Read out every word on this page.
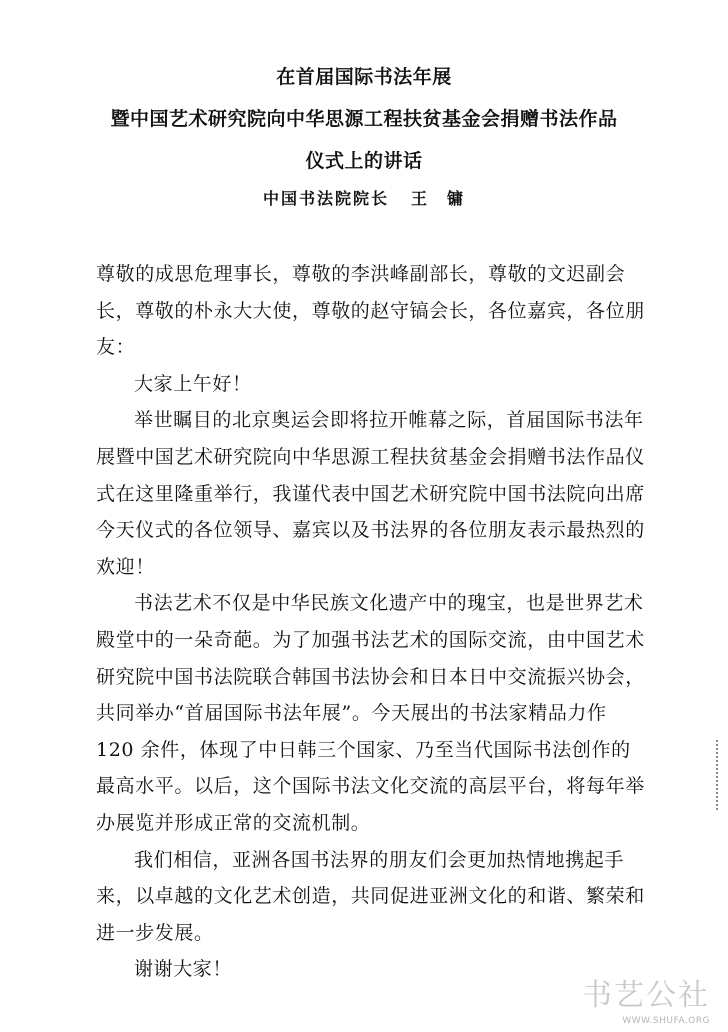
在首届国际书法年展
暨中国艺术研究院向中华思源工程扶贫基金会捐赠书法作品
仪式上的讲话
中国书法院院长 王　镛

尊敬的成思危理事长，尊敬的李洪峰副部长，尊敬的文迟副会长，尊敬的朴永大大使，尊敬的赵守镐会长，各位嘉宾，各位朋友：

大家上午好！

举世瞩目的北京奥运会即将拉开帷幕之际，首届国际书法年展暨中国艺术研究院向中华思源工程扶贫基金会捐赠书法作品仪式在这里隆重举行，我谨代表中国艺术研究院中国书法院向出席今天仪式的各位领导、嘉宾以及书法界的各位朋友表示最热烈的欢迎！

书法艺术不仅是中华民族文化遗产中的瑰宝，也是世界艺术殿堂中的一朵奇葩。为了加强书法艺术的国际交流，由中国艺术研究院中国书法院联合韩国书法协会和日本日中交流振兴协会，共同举办“首届国际书法年展”。今天展出的书法家精品力作 120 余件，体现了中日韩三个国家、乃至当代国际书法创作的最高水平。以后，这个国际书法文化交流的高层平台，将每年举办展览并形成正常的交流机制。

我们相信，亚洲各国书法界的朋友们会更加热情地携起手来，以卓越的文化艺术创造，共同促进亚洲文化的和谐、繁荣和进一步发展。

谢谢大家！

书艺公社
WWW.SHUFA.ORG
